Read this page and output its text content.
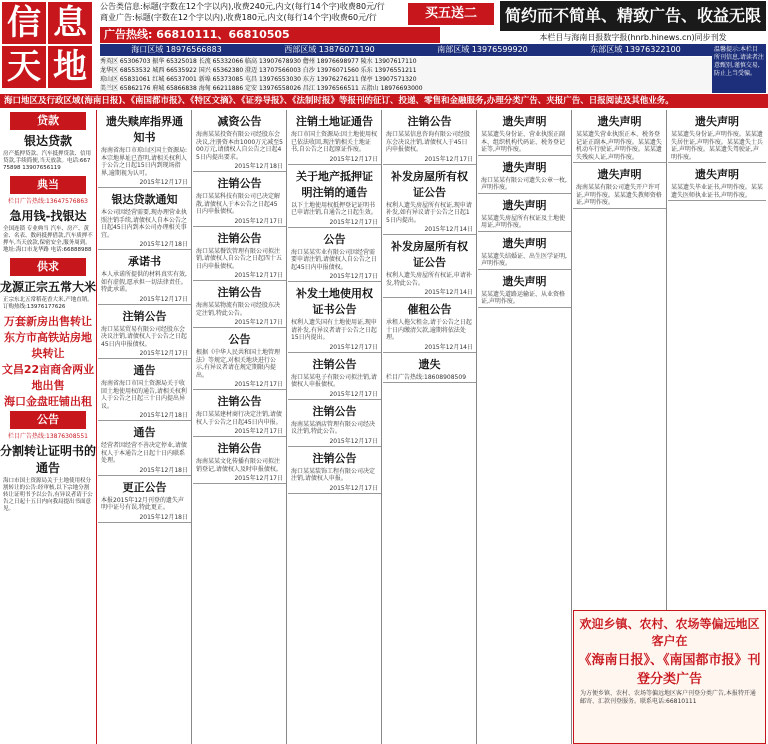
信 息
天 地
公告类信息:标题(字数在12个字以内),收费240元,内文(每行14个字)收费80元/行
商业广告:标题(字数在12个字以内),收费180元,内文(每行14个字)收费60元/行	买五送二	简约而不简单、精致广告、收益无限
广告热线: 66810111、66810505	本栏目与海南日报数字报(hnrb.hinews.cn)同步刊发
海口区域 18976566883	西部区域 13876071190	南部区域 13976599920	东部区域 13976322100
秀英区 65306703 振华 65325018 长流 65332066 临高 13907678930 儋州 18976698977 陵水 13907617110
龙华区 68553532 城西 66535922 国兴 65362380 澄迈 13707566003 白沙 13976071560 乐东 13976551211
琼山区 65831061 红城 66537001 新埠 65373085 屯昌 13976553030 东方 13976276211 保亭 13907571320
美兰区 65862176 府城 65866838 海甸 66211886 定安 13976558026 昌江 13976566511 五指山 18976693000
温馨提示:本栏目所刊信息,请读者注意甄别,谨慎交易,防止上当受骗。
海口地区及行政区域(海南日报)、《南国都市报》、《特区文摘》、《证券导报》、《法制时报》等报刊的征订、投递、零售和金融服务,办理分类广告、夹报广告、日报阅读及其他业务。
贷款
银达贷款
房产抵押贷款、汽车抵押贷款、信用贷款,手续简便,当天放款。电话:66775898 13907656119
典当
栏目广告热线:13647576863
急用钱-找银达
全国连锁 专业典当 汽车、房产、黄金、名表、数码抵押借款,汽车质押不押车,当天放款,保密安全,服务周到。地址:海口市龙华路 电话:66888988
供求
龙源正宗五常大米
正宗东北五常稻花香大米,产地直销。订购热线:13976177626
万套新房出售转让
东方市高铁站房地块转让
文昌22亩商舍两业地出售
海口金盘旺铺出租
公告
栏目广告热线:13876308551
分割转让证明书的通告
海口市国土资源局关于土地使用权分割转让的公告:经审核,以下宗地分割转让证明书予以公告,有异议者请于公告之日起十五日内向我局提出书面意见。
遗失赎库指界通知书
海南省海口市琼山区国土资源局:本宗地界址已查明,请相关权利人于公告之日起15日内到现场指界,逾期视为认可。
2015年12月17日
银达贷款通知
本公司因经营需要,现办理营业执照注销手续,请债权人自本公告之日起45日内到本公司办理相关事宜。
2015年12月18日
承诺书
本人承诺所提供的材料真实有效,如有虚假,愿承担一切法律责任。特此承诺。
2015年12月17日
注销公告
海口某某贸易有限公司经股东会决议注销,请债权人于公告之日起45日内申报债权。
2015年12月17日
通告
海南省海口市国土资源局关于收回土地使用权的通告,请相关权利人于公告之日起三十日内提出异议。
2015年12月18日
通告
经营者因经营不善决定停业,请债权人于本通告之日起十日内联系处理。
2015年12月18日
更正公告
本报2015年12月刊登的遗失声明中证号有误,特此更正。
2015年12月18日
减资公告
海南某某投资有限公司经股东会决议,注册资本由1000万元减至500万元,请债权人自公告之日起45日内提出要求。
2015年12月18日
注销公告
海口某某科技有限公司已决定解散,请债权人于本公告之日起45日内申报债权。
2015年12月17日
注销公告
海口某某餐饮管理有限公司拟注销,请债权人自公告之日起四十五日内申报债权。
2015年12月17日
注销公告
海南某某物流有限公司经股东决定注销,特此公告。
2015年12月17日
公告
根据《中华人民共和国土地管理法》等规定,对相关地块进行公示,有异议者请在规定期限内提出。
2015年12月17日
注销公告
海口某某建材商行决定注销,请债权人于公告之日起45日内申报。
2015年12月17日
注销公告
海南某某文化传播有限公司拟注销登记,请债权人及时申报债权。
2015年12月17日
注销土地证通告
海口市国土资源局:因土地使用权已依法收回,现注销相关土地证书,自公告之日起原证作废。
2015年12月17日
关于地产抵押证明注销的通告
以下土地使用权抵押登记证明书已申请注销,自通告之日起生效。
2015年12月17日
公告
海口某某实业有限公司因经营需要申请注销,请债权人自公告之日起45日内申报债权。
2015年12月17日
补发土地使用权证书公告
权利人遗失国有土地使用证,现申请补发,有异议者请于公告之日起15日内提出。
2015年12月17日
注销公告
海口某某电子有限公司拟注销,请债权人申报债权。
2015年12月17日
注销公告
海南某某酒店管理有限公司经决议注销,特此公告。
2015年12月17日
注销公告
海口某某装饰工程有限公司决定注销,请债权人申报。
2015年12月17日
注销公告
海口某某信息咨询有限公司经股东会决议注销,请债权人于45日内申报债权。
2015年12月17日
补发房屋所有权证公告
权利人遗失房屋所有权证,现申请补发,如有异议请于公告之日起15日内提出。
2015年12月14日
补发房屋所有权证公告
权利人遗失房屋所有权证,申请补发,特此公告。
2015年12月14日
催租公告
承租人拖欠租金,请于公告之日起十日内缴清欠款,逾期将依法处理。
2015年12月14日
遗失
栏目广告热线:18608908509
遗失声明
某某遗失身份证、营业执照正副本、组织机构代码证、税务登记证等,声明作废。
遗失声明
海口某某有限公司遗失公章一枚,声明作废。
遗失声明
某某遗失房屋所有权证及土地使用证,声明作废。
遗失声明
某某遗失结婚证、出生医学证明,声明作废。
遗失声明
某某遗失道路运输证、从业资格证,声明作废。
遗失声明
某某遗失营业执照正本、税务登记证正副本,声明作废。某某遗失机动车行驶证,声明作废。某某遗失残疾人证,声明作废。
遗失声明
海南某某有限公司遗失开户许可证,声明作废。某某遗失教师资格证,声明作废。
遗失声明
某某遗失身份证,声明作废。某某遗失居住证,声明作废。某某遗失士兵证,声明作废。某某遗失驾驶证,声明作废。
遗失声明
某某遗失毕业证书,声明作废。某某遗失医师执业证书,声明作废。
欢迎乡镇、农村、农场等偏远地区客户在
《海南日报》、《南国都市报》刊登分类广告
为方便乡镇、农村、农场等偏远地区客户刊登分类广告,本报特开通邮寄、汇款刊登服务。联系电话:66810111
